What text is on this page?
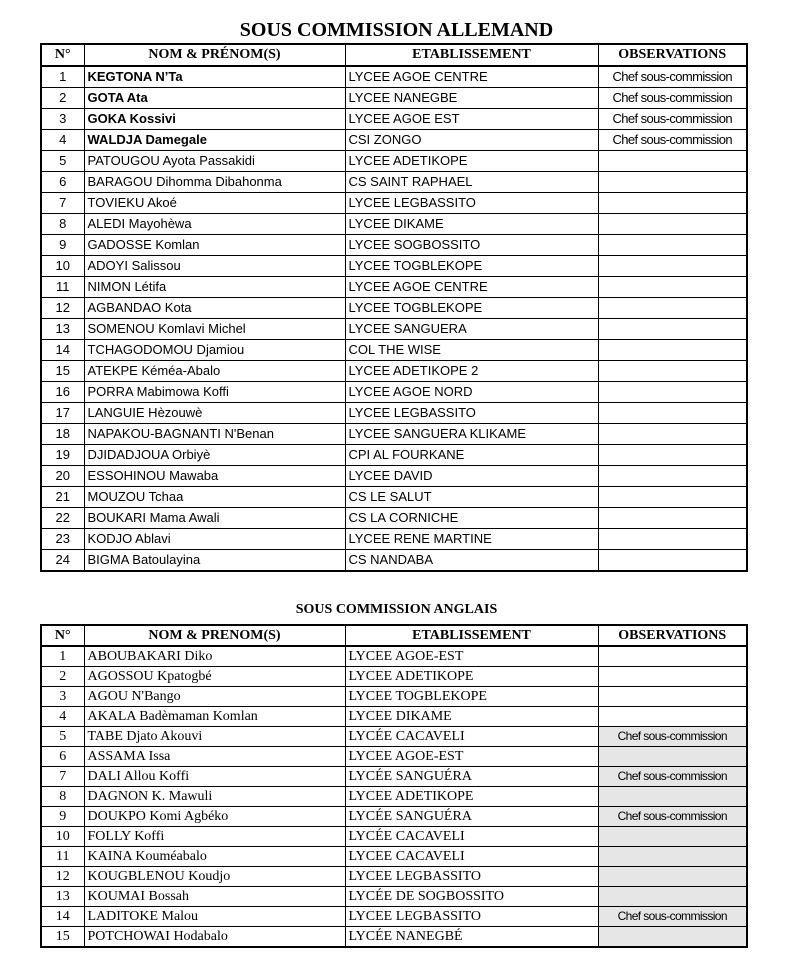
SOUS COMMISSION ALLEMAND
N°	NOM & PRÉNOM(S)	ETABLISSEMENT	OBSERVATIONS
1	KEGTONA N’Ta	LYCEE AGOE CENTRE	Chef sous-commission
2	GOTA Ata	LYCEE NANEGBE	Chef sous-commission
3	GOKA Kossivi	LYCEE AGOE EST	Chef sous-commission
4	WALDJA Damegale	CSI ZONGO	Chef sous-commission
5	PATOUGOU Ayota Passakidi	LYCEE ADETIKOPE	
6	BARAGOU Dihomma Dibahonma	CS SAINT RAPHAEL	
7	TOVIEKU Akoé	LYCEE LEGBASSITO	
8	ALEDI Mayohèwa	LYCEE DIKAME	
9	GADOSSE Komlan	LYCEE SOGBOSSITO	
10	ADOYI Salissou	LYCEE TOGBLEKOPE	
11	NIMON Létifa	LYCEE AGOE CENTRE	
12	AGBANDAO Kota	LYCEE TOGBLEKOPE	
13	SOMENOU Komlavi Michel	LYCEE SANGUERA	
14	TCHAGODOMOU Djamiou	COL THE WISE	
15	ATEKPE Kéméa-Abalo	LYCEE ADETIKOPE 2	
16	PORRA Mabimowa Koffi	LYCEE AGOE NORD	
17	LANGUIE Hèzouwè	LYCEE LEGBASSITO	
18	NAPAKOU-BAGNANTI N'Benan	LYCEE SANGUERA KLIKAME	
19	DJIDADJOUA Orbiyè	CPI AL FOURKANE	
20	ESSOHINOU Mawaba	LYCEE DAVID	
21	MOUZOU Tchaa	CS LE SALUT	
22	BOUKARI Mama Awali	CS LA CORNICHE	
23	KODJO Ablavi	LYCEE RENE MARTINE	
24	BIGMA Batoulayina	CS NANDABA	
SOUS COMMISSION ANGLAIS
N°	NOM & PRENOM(S)	ETABLISSEMENT	OBSERVATIONS
1	ABOUBAKARI Diko	LYCEE AGOE-EST	
2	AGOSSOU Kpatogbé	LYCEE ADETIKOPE	
3	AGOU N'Bango	LYCEE TOGBLEKOPE	
4	AKALA Badèmaman Komlan	LYCEE DIKAME	
5	TABE Djato Akouvi	LYCÉE CACAVELI	Chef sous-commission
6	ASSAMA Issa	LYCEE AGOE-EST	
7	DALI Allou Koffi	LYCÉE SANGUÉRA	Chef sous-commission
8	DAGNON K. Mawuli	LYCEE ADETIKOPE	
9	DOUKPO Komi Agbéko	LYCÉE SANGUÉRA	Chef sous-commission
10	FOLLY Koffi	LYCÉE CACAVELI	
11	KAINA Kouméabalo	LYCEE CACAVELI	
12	KOUGBLENOU Koudjo	LYCEE LEGBASSITO	
13	KOUMAI Bossah	LYCÉE DE SOGBOSSITO	
14	LADITOKE Malou	LYCEE LEGBASSITO	Chef sous-commission
15	POTCHOWAI Hodabalo	LYCÉE NANEGBÉ	
